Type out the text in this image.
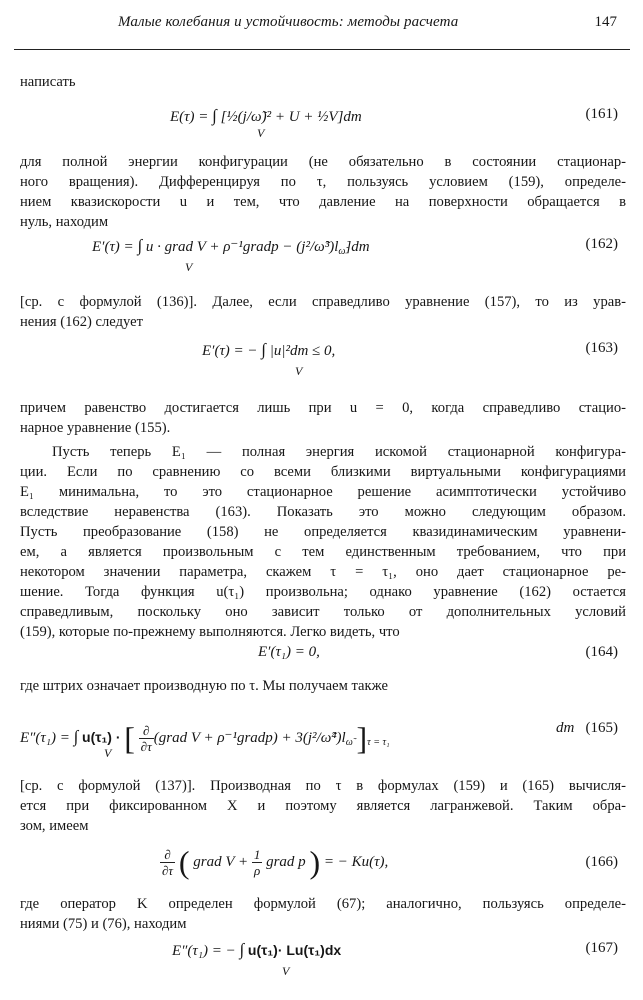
Малые колебания и устойчивость: методы расчета	147
написать
E(τ) = ∫ [½(j/ω̃)² + U + ½V]dm
V
(161)
для полной энергии конфигурации (не обязательно в состоянии стационар-
ного вращения). Дифференцируя по τ, пользуясь условием (159), определе-
нием квазискорости u и тем, что давление на поверхности обращается в
нуль, находим
E′(τ) = ∫ u · grad V + ρ⁻¹gradp − $(j^2/\omegã^3)l_{\omegã}]dm$
V
(162)
[ср. с формулой (136)]. Далее, если справедливо уравнение (157), то из урав-
нения (162) следует
E′(τ) = − ∫ |u|²dm ≤ 0,
V
(163)
причем равенство достигается лишь при u = 0, когда справедливо стацио-
нарное уравнение (155).
Пусть теперь E₁ — полная энергия искомой стационарной конфигура-
ции. Если по сравнению со всеми близкими виртуальными конфигурациями
E₁ минимальна, то это стационарное решение асимптотически устойчиво
вследствие неравенства (163). Показать это можно следующим образом.
Пусть преобразование (158) не определяется квазидинамическим уравнени-
ем, а является произвольным с тем единственным требованием, что при
некотором значении параметра, скажем τ = τ₁, оно дает стационарное ре-
шение. Тогда функция u(τ₁) произвольна; однако уравнение (162) остается
справедливым, поскольку оно зависит только от дополнительных условий
(159), которые по-прежнему выполняются. Легко видеть, что
E′(τ₁) = 0,	(164)
где штрих означает производную по τ. Мы получаем также
E″(τ₁) = ∫ u(τ₁) · [ $\frac{\partial}{\partial\tau}$ (grad V + ρ⁻¹gradp) + $3(j^2/\omegã^4)l_{\omegã}$ ]$_{\tau = \tau_1}$
dm
V
(165)
[ср. с формулой (137)]. Производная по τ в формулах (159) и (165) вычисля-
ется при фиксированном X и поэтому является лагранжевой. Таким обра-
зом, имеем
$\frac{\partial}{\partial\tau}$ ( grad $V + \frac{1}{\rho}$ grad p ) = − Ku(τ),	(166)
где оператор K определен формулой (67); аналогично, пользуясь определе-
ниями (75) и (76), находим
E″(τ₁) = − ∫ u(τ₁)· Lu(τ₁)dx
V
(167)
